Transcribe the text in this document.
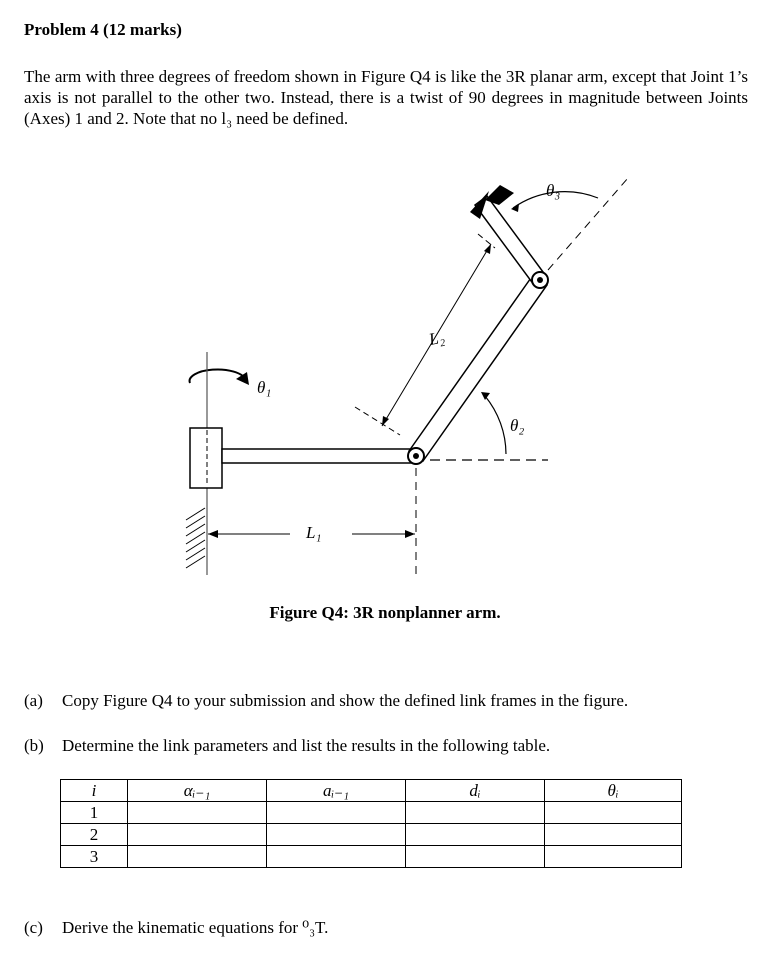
Problem 4 (12 marks)
The arm with three degrees of freedom shown in Figure Q4 is like the 3R planar arm, except that Joint 1’s axis is not parallel to the other two. Instead, there is a twist of 90 degrees in magnitude between Joints (Axes) 1 and 2. Note that no l₃ need be defined.
θ₁
θ₂
θ₃
L₁
L₂
Figure Q4: 3R nonplanner arm.
(a) Copy Figure Q4 to your submission and show the defined link frames in the figure.
(b) Determine the link parameters and list the results in the following table.
i	αᵢ₋₁	aᵢ₋₁	dᵢ	θᵢ
1				
2				
3				
(c) Derive the kinematic equations for ⁰₃T.
